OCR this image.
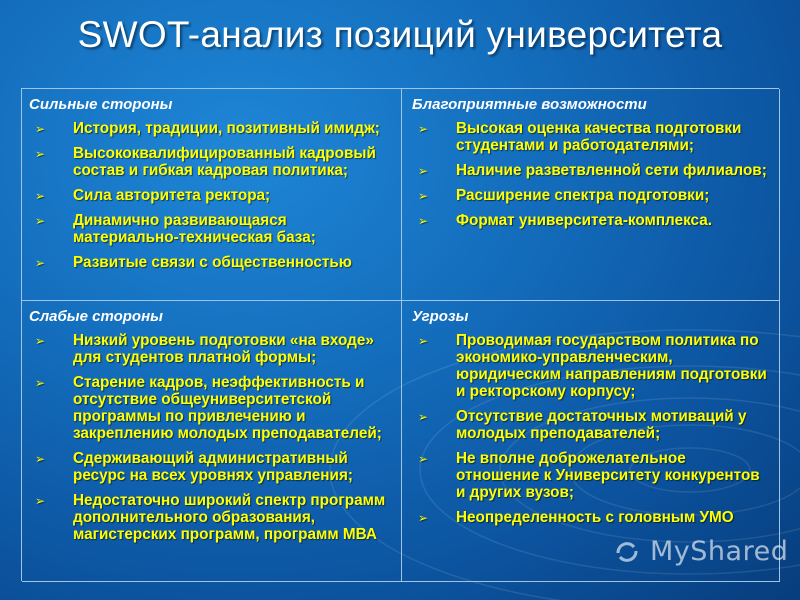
SWOT-анализ позиций университета
Сильные стороны
➢ История, традиции, позитивный имидж;
➢ Высококвалифицированный кадровый состав и гибкая кадровая политика;
➢ Сила авторитета ректора;
➢ Динамично развивающаяся материально-техническая база;
➢ Развитые связи с общественностью
Благоприятные возможности
➢ Высокая оценка качества подготовки студентами и работодателями;
➢ Наличие разветвленной сети филиалов;
➢ Расширение спектра подготовки;
➢ Формат университета-комплекса.
Слабые стороны
➢ Низкий уровень подготовки «на входе» для студентов платной формы;
➢ Старение кадров, неэффективность и отсутствие общеуниверситетской программы по привлечению и закреплению молодых преподавателей;
➢ Сдерживающий административный ресурс на всех уровнях управления;
➢ Недостаточно широкий спектр программ дополнительного образования, магистерских программ, программ МВА
Угрозы
➢ Проводимая государством политика по экономико-управленческим, юридическим направлениям подготовки и ректорскому корпусу;
➢ Отсутствие достаточных мотиваций у молодых преподавателей;
➢ Не вполне доброжелательное отношение к Университету конкурентов и других вузов;
➢ Неопределенность с головным УМО
MyShared
